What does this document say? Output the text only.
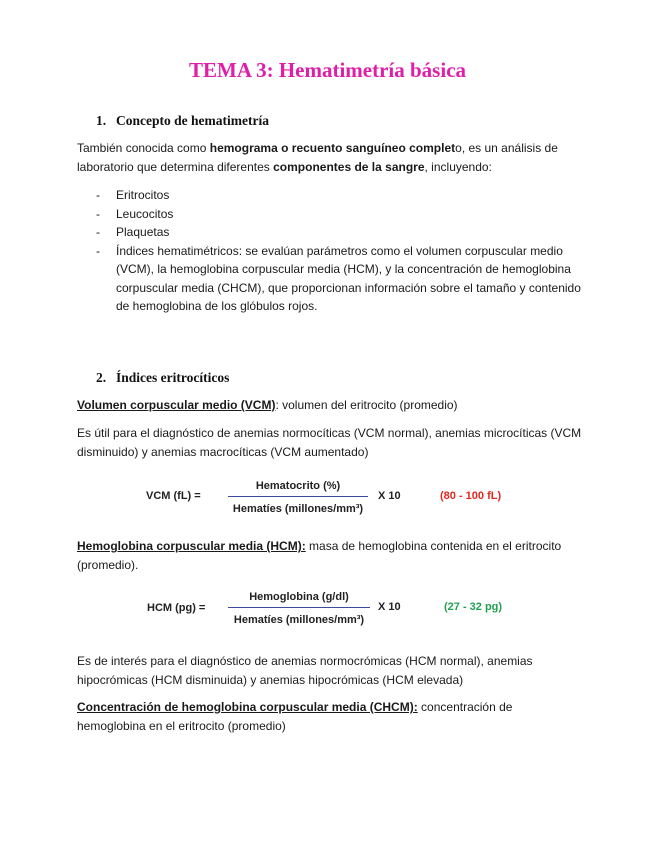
TEMA 3: Hematimetría básica
1. Concepto de hematimetría
También conocida como hemograma o recuento sanguíneo completo, es un análisis de laboratorio que determina diferentes componentes de la sangre, incluyendo:
- Eritrocitos
- Leucocitos
- Plaquetas
- Índices hematimétricos: se evalúan parámetros como el volumen corpuscular medio (VCM), la hemoglobina corpuscular media (HCM), y la concentración de hemoglobina corpuscular media (CHCM), que proporcionan información sobre el tamaño y contenido de hemoglobina de los glóbulos rojos.
2. Índices eritrocíticos
Volumen corpuscular medio (VCM): volumen del eritrocito (promedio)
Es útil para el diagnóstico de anemias normocíticas (VCM normal), anemias microcíticas (VCM disminuido) y anemias macrocíticas (VCM aumentado)
VCM (fL) =
Hematocrito (%)
Hematíes (millones/mm³)
X 10	(80 - 100 fL)
Hemoglobina corpuscular media (HCM): masa de hemoglobina contenida en el eritrocito (promedio).
HCM (pg) =
Hemoglobina (g/dl)
Hematíes (millones/mm³)
X 10	(27 - 32 pg)
Es de interés para el diagnóstico de anemias normocrómicas (HCM normal), anemias hipocrómicas (HCM disminuida) y anemias hipocrómicas (HCM elevada)
Concentración de hemoglobina corpuscular media (CHCM): concentración de hemoglobina en el eritrocito (promedio)
